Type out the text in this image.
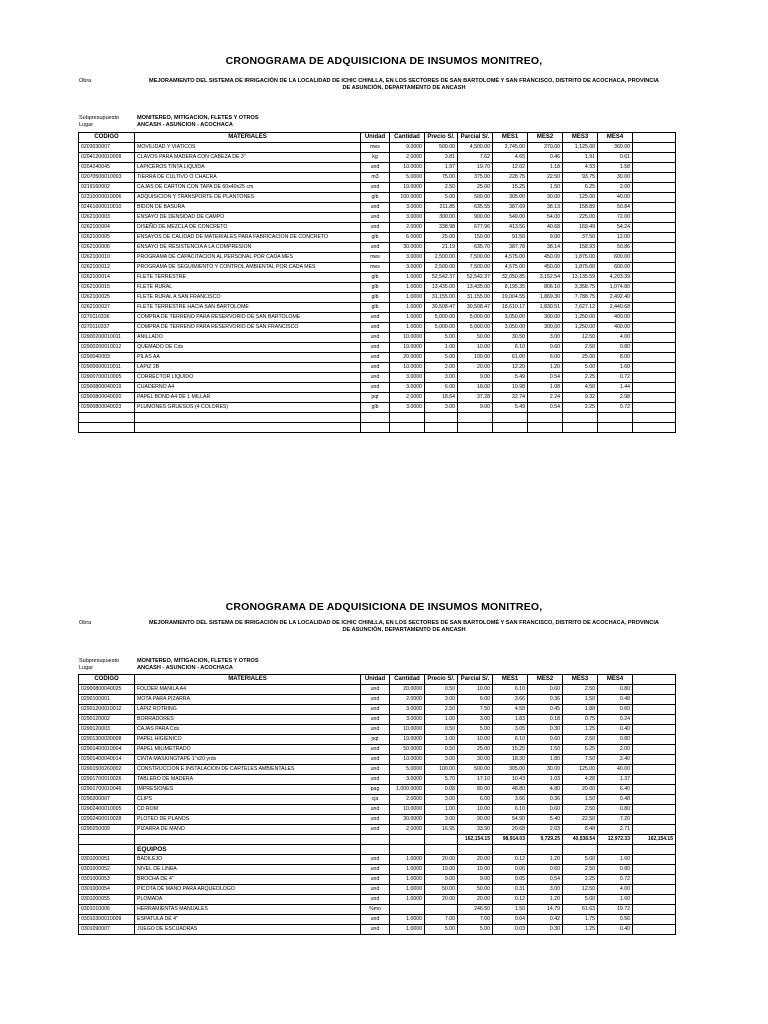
CRONOGRAMA DE ADQUISICIONA DE INSUMOS MONITREO,
Obra	MEJORAMIENTO DEL SISTEMA DE IRRIGACIÓN DE LA LOCALIDAD DE ICHIC CHINLLA, EN LOS SECTORES DE SAN BARTOLOMÉ Y SAN FRANCISCO, DISTRITO DE ACOCHACA, PROVINCIA DE ASUNCIÓN, DEPARTAMENTO DE ANCASH
Subpresupuesto	MONITEREO, MITIGACION, FLETES Y OTROS
Lugar	ANCASH - ASUNCION - ACOCHACA
CODIGO	MATERIALES	Unidad	Cantidad	Precio S/.	Parcial S/.	MES1	MES2	MES3	MES4	
0203030007	MOVILIDAD Y VIATICOS	mes	9.0000	500.00	4,500.00	2,745.00	270.00	1,125.00	360.00	
02041200010009	CLAVOS PARA MADERA CON CABEZA DE 3"	kg	2.0000	3.81	7.62	4.65	0.46	1.91	0.61	
0204240045	LAPICEROS TINTA LIQUIDA	und	10.0000	1.97	19.70	12.02	1.18	4.93	1.58	
02070500010003	TIERRA DE CULTIVO O CHACRA	m3	5.0000	75.00	375.00	228.75	22.50	93.75	30.00	
0219160002	CAJAS DE CARTON CON TAPA DE 60x40x25 cm	und	10.0000	2.50	25.00	15.25	1.50	6.25	2.00	
02310000010006	ADQUISICION Y TRANSPORTE DE PLANTONES	glb	100.0000	5.00	500.00	305.00	30.00	125.00	40.00	
02461600010010	BIDON DE BASURA	und	3.0000	211.85	635.55	387.69	38.13	158.89	50.84	
0262100003	ENSAYO DE DENSIDAD DE CAMPO	und	3.0000	300.00	900.00	549.00	54.00	225.00	72.00	
0262100004	DISEÑO DE MEZCLA DE CONCRETO	und	2.0000	338.98	677.96	413.56	40.68	169.49	54.24	
0262100005	ENSAYOS DE CALIDAD DE MATERIALES PARA FABRICACION DE CONCRETO	glb	6.0000	25.00	150.00	91.50	9.00	37.50	12.00	
0262100006	ENSAYO DE RESISTENCIA A LA COMPRESION	und	30.0000	21.19	635.70	387.78	38.14	158.93	50.86	
0262100010	PROGRAMA DE CAPACITACION AL PERSONAL POR CADA MES	mes	3.0000	2,500.00	7,500.00	4,575.00	450.00	1,875.00	600.00	
0262100012	PROGRAMA DE SEGUIMIENTO Y CONTROL AMBIENTAL POR CADA MES	mes	3.0000	2,500.00	7,500.00	4,575.00	450.00	1,875.00	600.00	
0262100014	FLETE TERRESTRE	glb	1.0000	52,542.37	52,542.37	32,050.85	3,152.54	13,135.59	4,203.39	
0262100015	FLETE RURAL	glb	1.0000	13,435.00	13,435.00	8,195.35	806.10	3,358.75	1,074.80	
0262100025	FLETE RURAL A SAN FRANCISCO	glb	1.0000	31,155.00	31,155.00	19,004.55	1,869.30	7,788.75	2,492.40	
0262100027	FLETE TERRESTRE HACIA SAN BARTOLOME	glb	1.0000	30,508.47	30,508.47	18,610.17	1,830.51	7,627.12	2,440.68	
0270110336	COMPRA DE TERRENO PARA RESERVORIO DE SAN BARTOLOME	und	1.0000	5,000.00	5,000.00	3,050.00	300.00	1,250.00	400.00	
0270110337	COMPRA DE TERRENO PARA RESERVORIO DE SAN FRANCISCO	und	1.0000	5,000.00	5,000.00	3,050.00	300.00	1,250.00	400.00	
02900200010011	ANILLADO	und	10.0000	5.00	50.00	30.50	3.00	12.50	4.00	
02900200010012	QUEMADO DE Cds	und	10.0000	1.00	10.00	6.10	0.60	2.50	0.80	
0290040003	PILAS AA	und	20.0000	5.00	100.00	61.00	6.00	25.00	8.00	
02900600010011	LAPIZ 2B	und	10.0000	2.00	20.00	12.20	1.20	5.00	1.60	
02900700010005	CORRECTOR LIQUIDO	und	3.0000	3.00	9.00	5.49	0.54	2.25	0.72	
02900800040019	CUADERNO A4	und	3.0000	6.00	18.00	10.98	1.08	4.50	1.44	
02900800040020	PAPEL BOND A4 DE 1 MILLAR	pqt	2.0000	18.64	37.28	22.74	2.24	9.32	2.98	
02900800040023	PLUMONES GRUESOS (4 COLORES)	glb	3.0000	3.00	9.00	5.49	0.54	2.25	0.72	

CRONOGRAMA DE ADQUISICIONA DE INSUMOS MONITREO,
Obra	MEJORAMIENTO DEL SISTEMA DE IRRIGACIÓN DE LA LOCALIDAD DE ICHIC CHINLLA, EN LOS SECTORES DE SAN BARTOLOMÉ Y SAN FRANCISCO, DISTRITO DE ACOCHACA, PROVINCIA DE ASUNCIÓN, DEPARTAMENTO DE ANCASH
Subpresupuesto	MONITEREO, MITIGACION, FLETES Y OTROS
Lugar	ANCASH - ASUNCION - ACOCHACA
CODIGO	MATERIALES	Unidad	Cantidad	Precio S/.	Parcial S/.	MES1	MES2	MES3	MES4	
02900800040025	FOLDER MANILA A4	und	20.0000	0.50	10.00	6.10	0.60	2.50	0.80	
0290100001	MOTA PARA PIZARRA	und	2.0000	3.00	6.00	3.66	0.36	1.50	0.48	
02901200010012	LAPIZ ROTRING	und	3.0000	2.50	7.50	4.58	0.45	1.88	0.60	
0290120002	BORRADORES	und	3.0000	1.00	3.00	1.83	0.18	0.75	0.24	
0290120003	CAJAS PARA Cds	und	10.0000	0.50	5.00	3.05	0.30	1.25	0.40	
02901300030008	PAPEL HIGIENICO	pqt	10.0000	1.00	10.00	6.10	0.60	2.50	0.80	
02901400010004	PAPEL MILIMETRADO	und	50.0000	0.50	25.00	15.25	1.50	6.25	2.00	
02901400040014	CINTA MASKINGTAPE 1"x20 yrds	und	10.0000	3.00	30.00	18.30	1.80	7.50	2.40	
02901500260002	CONSTRUCCION E INSTALACION DE CARTELES AMBIENTALES	und	5.0000	100.00	500.00	305.00	30.00	125.00	40.00	
02901700010026	TABLERO DE MADERA	und	3.0000	5.70	17.10	10.43	1.03	4.28	1.37	
02901700010046	IMPRESIONES	pag	1,000.0000	0.08	80.00	48.80	4.80	20.00	6.40	
0290200007	CLIPS	cja	2.0000	3.00	6.00	3.66	0.36	1.50	0.48	
02902400010005	CD ROM	und	10.0000	1.00	10.00	6.10	0.60	2.50	0.80	
02902400010028	PLOTEO DE PLANOS	und	30.0000	3.00	90.00	54.90	5.40	22.50	7.20	
0290250009	PIZARRA DE MANO	und	2.0000	16.95	33.90	20.68	2.03	8.48	2.71	
					162,154.15	98,914.03	9,729.25	40,538.54	12,972.33	162,154.15
	EQUIPOS									
0301000051	BADILEJO	und	1.0000	20.00	20.00	0.12	1.20	5.00	1.60	
0301000052	NIVEL DE LINEA	und	1.0000	10.00	10.00	0.06	0.60	2.50	0.80	
0301000053	BROCHA DE 4"	und	1.0000	9.00	9.00	0.05	0.54	2.25	0.72	
0301000054	PICOTA DE MANO PARA ARQUEOLOGO	und	1.0000	50.00	50.00	0.31	3.00	12.50	4.00	
0301000055	PLOMADA	und	1.0000	20.00	20.00	0.12	1.20	5.00	1.60	
0301010006	HERRAMIENTAS MANUALES	%mo			246.50	1.50	14.79	61.63	19.72	
03010300010009	ESPATULA DE 4"	und	1.0000	7.00	7.00	0.04	0.42	1.75	0.56	
0301090007	JUEGO DE ESCUADRAS	und	1.0000	5.00	5.00	0.03	0.30	1.25	0.40	
